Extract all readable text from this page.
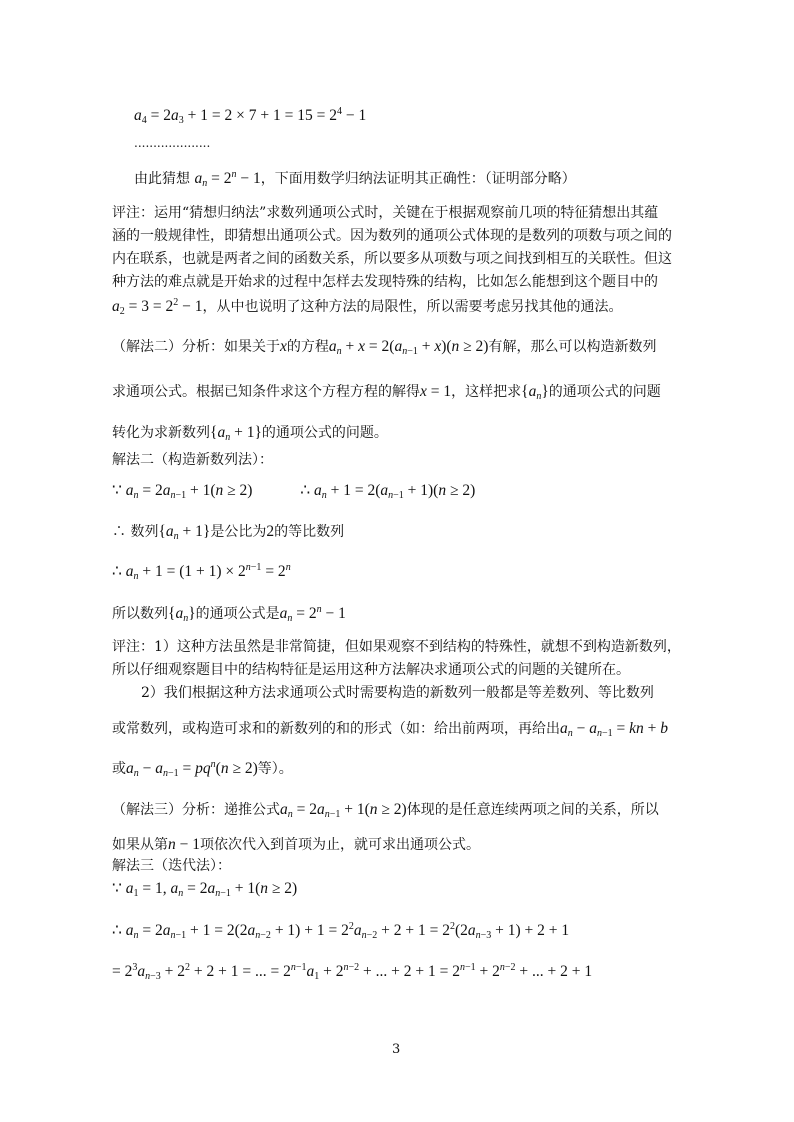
$a_4 = 2a_3 + 1 = 2 \times 7 + 1 = 15 = 2^4 - 1$
....................
由此猜想 $a_n = 2^n - 1$，下面用数学归纳法证明其正确性：（证明部分略）
评注：运用“猜想归纳法”求数列通项公式时，关键在于根据观察前几项的特征猜想出其蕴
涵的一般规律性，即猜想出通项公式。因为数列的通项公式体现的是数列的项数与项之间的
内在联系，也就是两者之间的函数关系，所以要多从项数与项之间找到相互的关联性。但这
种方法的难点就是开始求的过程中怎样去发现特殊的结构，比如怎么能想到这个题目中的
$a_2 = 3 = 2^2 - 1$，从中也说明了这种方法的局限性，所以需要考虑另找其他的通法。
（解法二）分析：如果关于x的方程$a_n + x = 2(a_{n-1} + x)(n \ge 2)$有解，那么可以构造新数列
求通项公式。根据已知条件求这个方程方程的解得x = 1，这样把求$\{a_n\}$的通项公式的问题
转化为求新数列$\{a_n + 1\}$的通项公式的问题。
解法二（构造新数列法）：
∵ $a_n = 2a_{n-1} + 1(n \ge 2)$	∴ $a_n + 1 = 2(a_{n-1} + 1)(n \ge 2)$
∴ 数列$\{a_n + 1\}$是公比为2的等比数列
∴ $a_n + 1 = (1 + 1) \times 2^{n-1} = 2^n$
所以数列$\{a_n\}$的通项公式是$a_n = 2^n - 1$
评注：1）这种方法虽然是非常简捷，但如果观察不到结构的特殊性，就想不到构造新数列，
所以仔细观察题目中的结构特征是运用这种方法解决求通项公式的问题的关键所在。
2）我们根据这种方法求通项公式时需要构造的新数列一般都是等差数列、等比数列
或常数列，或构造可求和的新数列的和的形式（如：给出前两项，再给出$a_n - a_{n-1}$ = kn + b
或$a_n - a_{n-1} = pq^n(n \ge 2)$等）。
（解法三）分析：递推公式$a_n = 2a_{n-1} + 1(n \ge 2)$体现的是任意连续两项之间的关系，所以
如果从第n − 1项依次代入到首项为止，就可求出通项公式。
解法三（迭代法）：
∵ $a_1 = 1$, $a_n = 2a_{n-1} + 1(n \ge 2)$
∴ $a_n = 2a_{n-1} + 1 = 2(2a_{n-2} + 1) + 1 = 2^2a_{n-2} + 2 + 1 = 2^2(2a_{n-3} + 1) + 2 + 1$
= $2^3a_{n-3} + 2^2 + 2 + 1$ = ... = $2^{n-1}a_1 + 2^{n-2}$ + ... + $2 + 1 = 2^{n-1} + 2^{n-2}$ + ... + 2 + 1
3
